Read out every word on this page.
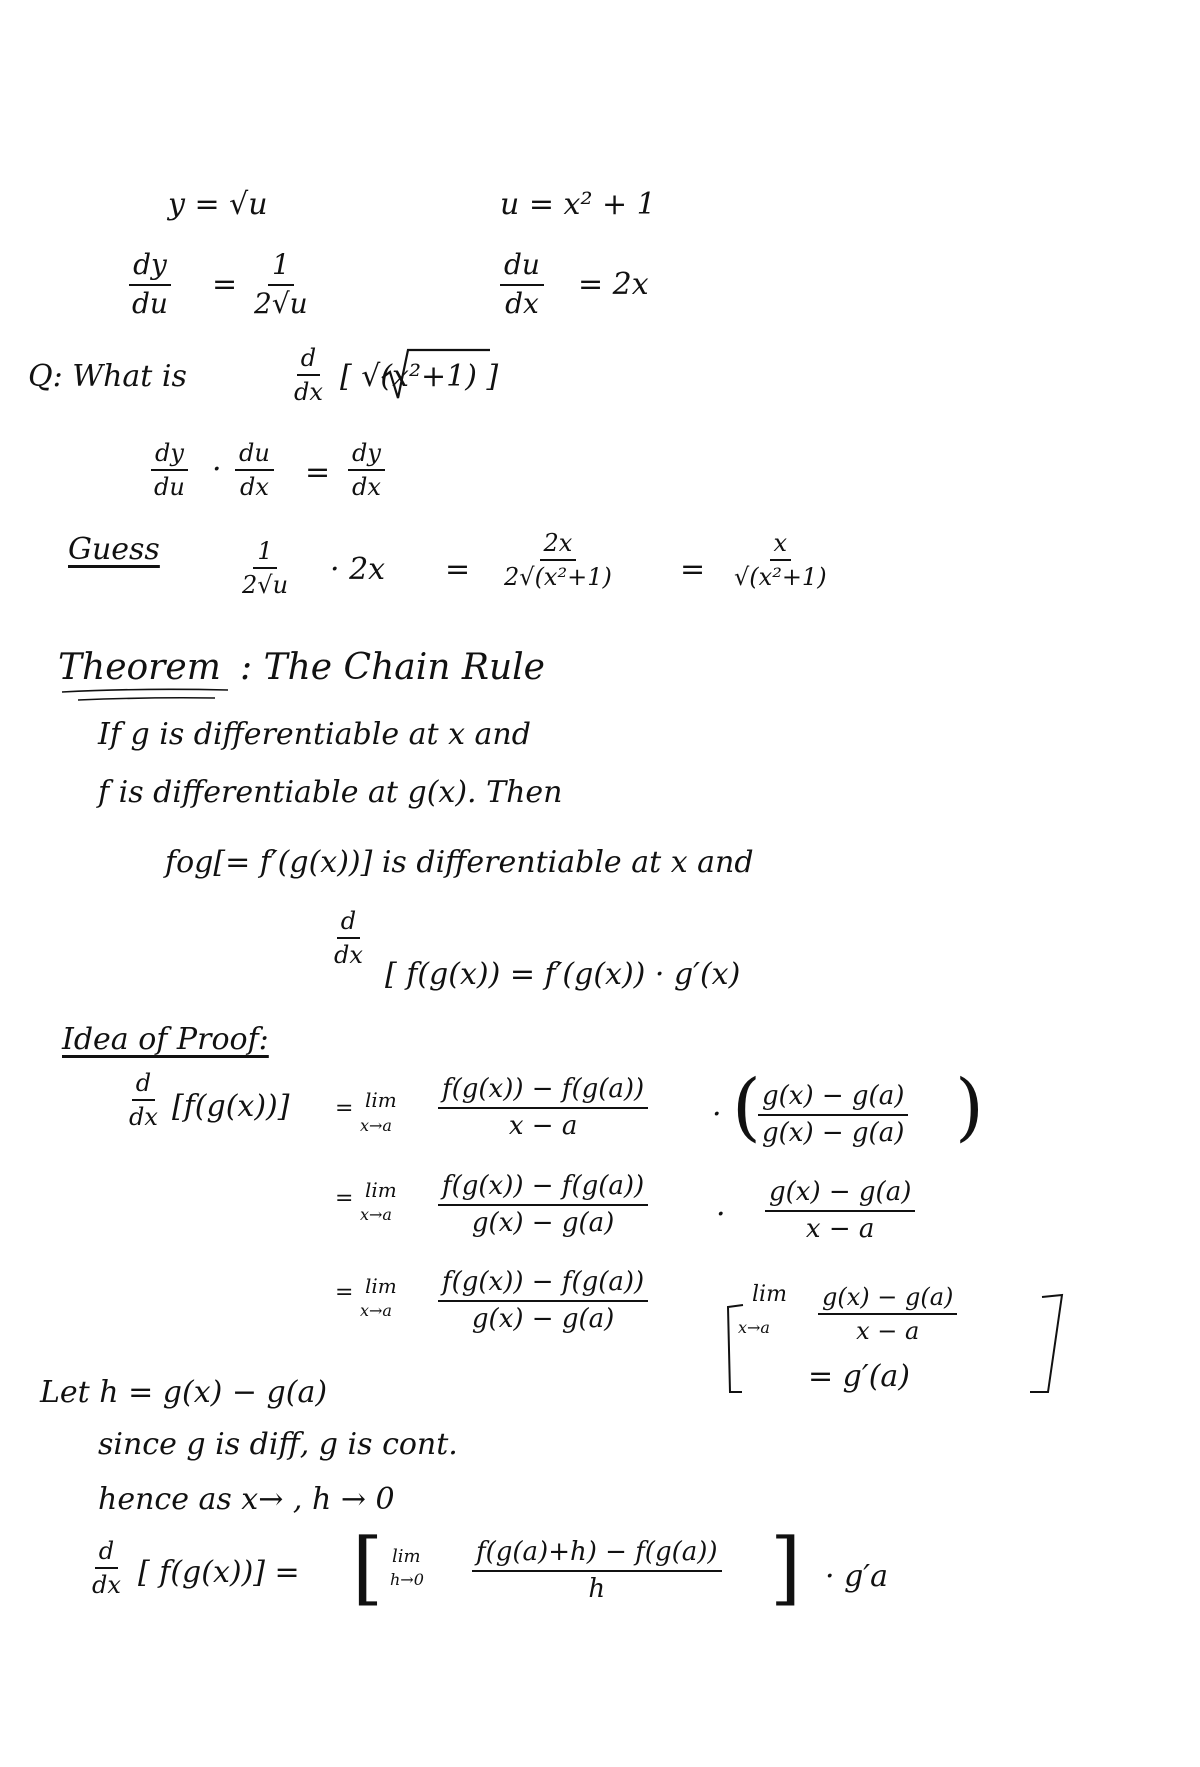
y = √u	u = x² + 1
$\frac{dy}{du} = \frac{1}{2√u}$	$\frac{du}{dx} = 2x$
Q: What is	$\frac{d}{dx}$ [ √(x²+1) ]
$\frac{dy}{du} \cdot \frac{du}{dx} = \frac{dy}{dx}$
Guess	$\frac{1}{2√u} \cdot 2x = \frac{2x}{\text{2√(x²+1)}} = \frac{x}{\text{√(x²+1)}}$
Theorem : The Chain Rule
If g is differentiable at x and
f is differentiable at g(x). Then
fog[= f′(g(x))] is differentiable at x and
$\frac{d}{dx}$
[ f(g(x)) = f′(g(x)) · g′(x)
Idea of Proof:
$\frac{d}{dx} [f(g(x))] = \lim$
$x\to a \frac{f(g(x)) - f(g(a))}{x - a}$ · (
$\frac{g(x) - g(a)}{g(x) - g(a)}$ )
= lim
$x\to a \frac{f(g(x)) - f(g(a))}{g(x) - g(a)} \cdot \frac{g(x) - g(a)}{x - a}$
= lim
$x\to a \frac{f(g(x)) - f(g(a))}{g(x) - g(a)}$	lim
$x\to a \frac{g(x) - g(a)}{x - a}$
= g′(a)
Let h = g(x) − g(a)
since g is diff, g is cont.
hence as x→ , h → 0
$\frac{d}{dx}$ [ f(g(x))] = [ lim
$h\to 0 \frac{f(g(a)+h) - f(g(a))}{h}$ ] · g′a
